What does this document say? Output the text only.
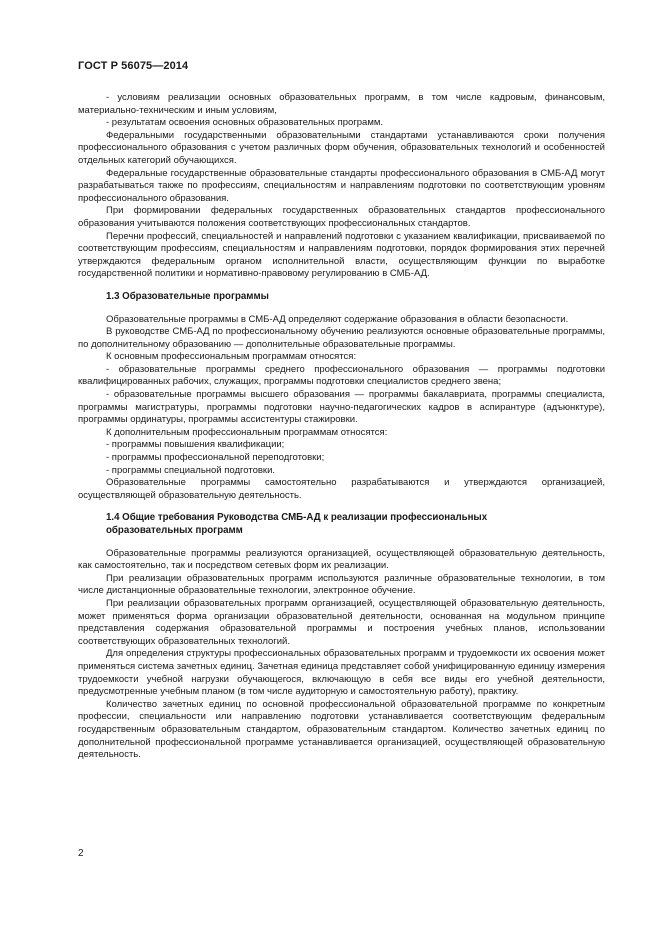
ГОСТ Р 56075—2014

- условиям реализации основных образовательных программ, в том числе кадровым, финансовым, материально-техническим и иным условиям,

- результатам освоения основных образовательных программ.

Федеральными государственными образовательными стандартами устанавливаются сроки получения профессионального образования с учетом различных форм обучения, образовательных технологий и особенностей отдельных категорий обучающихся.

Федеральные государственные образовательные стандарты профессионального образования в СМБ-АД могут разрабатываться также по профессиям, специальностям и направлениям подготовки по соответствующим уровням профессионального образования.

При формировании федеральных государственных образовательных стандартов профессионального образования учитываются положения соответствующих профессиональных стандартов.

Перечни профессий, специальностей и направлений подготовки с указанием квалификации, присваиваемой по соответствующим профессиям, специальностям и направлениям подготовки, порядок формирования этих перечней утверждаются федеральным органом исполнительной власти, осуществляющим функции по выработке государственной политики и нормативно-правовому регулированию в СМБ-АД.

1.3 Образовательные программы

Образовательные программы в СМБ-АД определяют содержание образования в области безопасности.

В руководстве СМБ-АД по профессиональному обучению реализуются основные образовательные программы, по дополнительному образованию — дополнительные образовательные программы.

К основным профессиональным программам относятся:

- образовательные программы среднего профессионального образования — программы подготовки квалифицированных рабочих, служащих, программы подготовки специалистов среднего звена;

- образовательные программы высшего образования — программы бакалавриата, программы специалиста, программы магистратуры, программы подготовки научно-педагогических кадров в аспирантуре (адъюнктуре), программы ординатуры, программы ассистентуры стажировки.

К дополнительным профессиональным программам относятся:

- программы повышения квалификации;

- программы профессиональной переподготовки;

- программы специальной подготовки.

Образовательные программы самостоятельно разрабатываются и утверждаются организацией, осуществляющей образовательную деятельность.

1.4 Общие требования Руководства СМБ-АД к реализации профессиональных
образовательных программ

Образовательные программы реализуются организацией, осуществляющей образовательную деятельность, как самостоятельно, так и посредством сетевых форм их реализации.

При реализации образовательных программ используются различные образовательные технологии, в том числе дистанционные образовательные технологии, электронное обучение.

При реализации образовательных программ организацией, осуществляющей образовательную деятельность, может применяться форма организации образовательной деятельности, основанная на модульном принципе представления содержания образовательной программы и построения учебных планов, использовании соответствующих образовательных технологий.

Для определения структуры профессиональных образовательных программ и трудоемкости их освоения может применяться система зачетных единиц. Зачетная единица представляет собой унифицированную единицу измерения трудоемкости учебной нагрузки обучающегося, включающую в себя все виды его учебной деятельности, предусмотренные учебным планом (в том числе аудиторную и самостоятельную работу), практику.

Количество зачетных единиц по основной профессиональной образовательной программе по конкретным профессии, специальности или направлению подготовки устанавливается соответствующим федеральным государственным образовательным стандартом, образовательным стандартом. Количество зачетных единиц по дополнительной профессиональной программе устанавливается организацией, осуществляющей образовательную деятельность.

2
